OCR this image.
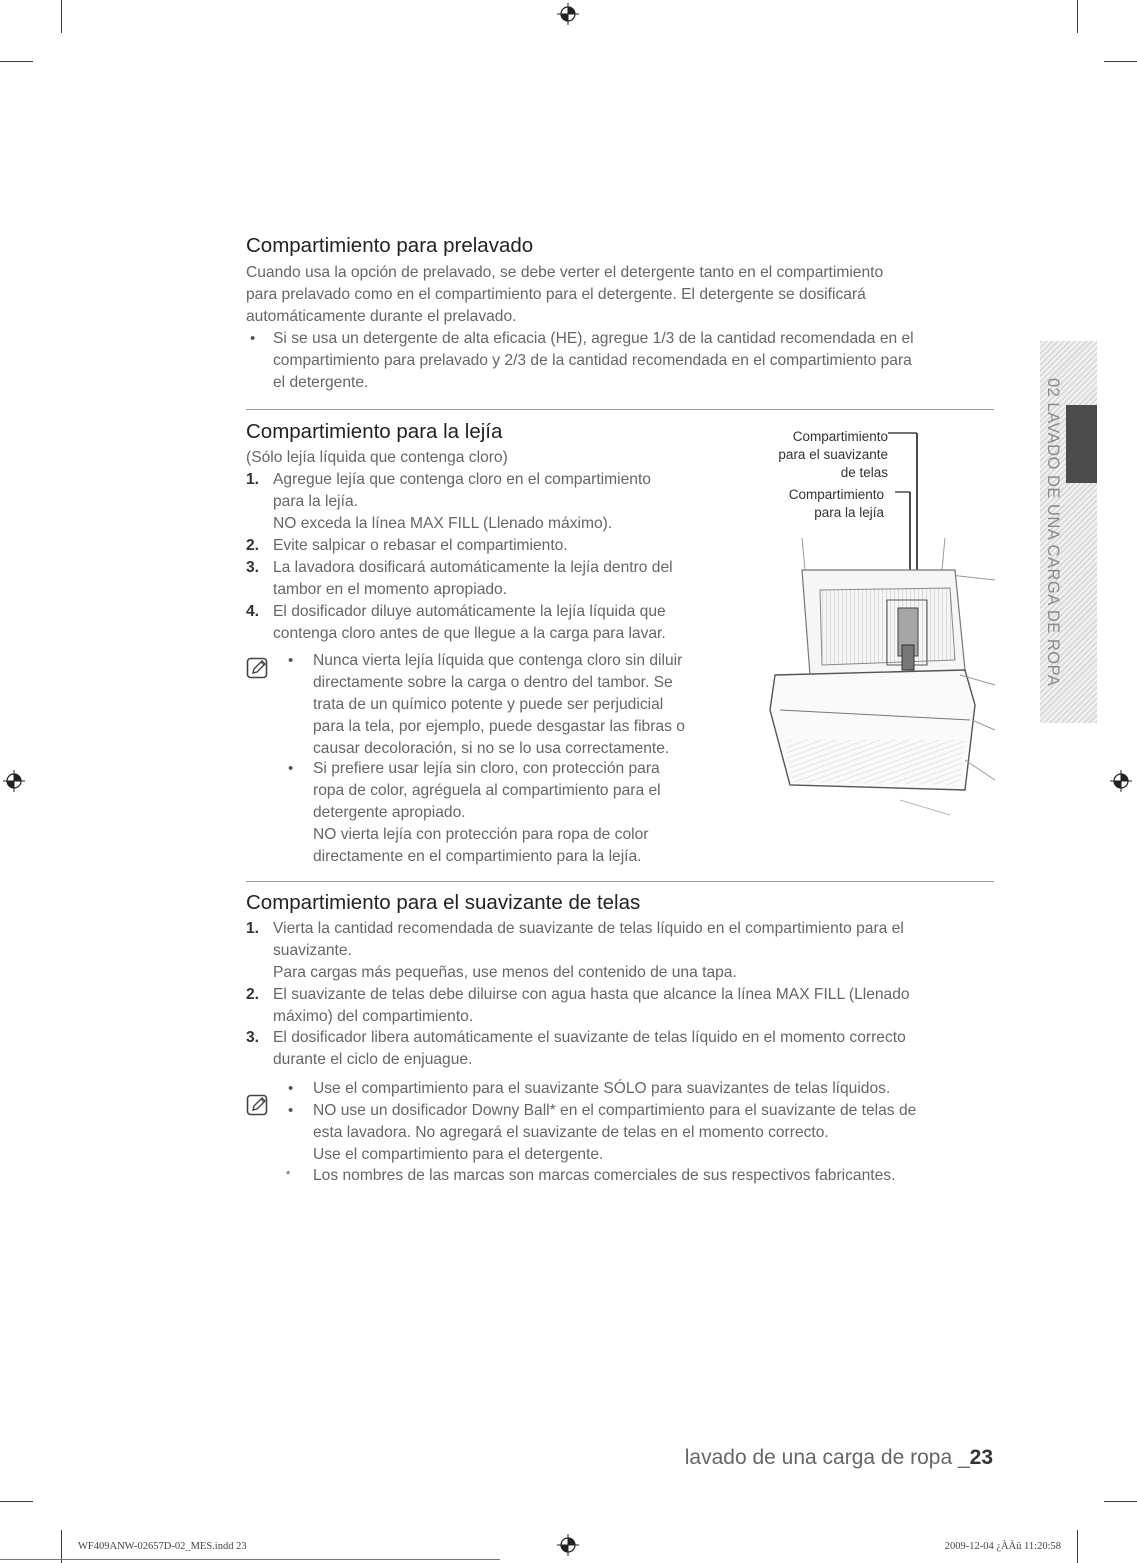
Compartimiento para prelavado
Cuando usa la opción de prelavado, se debe verter el detergente tanto en el compartimiento
para prelavado como en el compartimiento para el detergente. El detergente se dosificará
automáticamente durante el prelavado.
• Si se usa un detergente de alta eficacia (HE), agregue 1/3 de la cantidad recomendada en el
compartimiento para prelavado y 2/3 de la cantidad recomendada en el compartimiento para
el detergente.
Compartimiento para la lejía
(Sólo lejía líquida que contenga cloro)
1. Agregue lejía que contenga cloro en el compartimiento
para la lejía.
NO exceda la línea MAX FILL (Llenado máximo).
2. Evite salpicar o rebasar el compartimiento.
3. La lavadora dosificará automáticamente la lejía dentro del
tambor en el momento apropiado.
4. El dosificador diluye automáticamente la lejía líquida que
contenga cloro antes de que llegue a la carga para lavar.
• Nunca vierta lejía líquida que contenga cloro sin diluir
directamente sobre la carga o dentro del tambor. Se
trata de un químico potente y puede ser perjudicial
para la tela, por ejemplo, puede desgastar las fibras o
causar decoloración, si no se lo usa correctamente.
• Si prefiere usar lejía sin cloro, con protección para
ropa de color, agréguela al compartimiento para el
detergente apropiado.
NO vierta lejía con protección para ropa de color
directamente en el compartimiento para la lejía.
Compartimiento
para el suavizante
de telas
Compartimiento
para la lejía
Compartimiento para el suavizante de telas
1. Vierta la cantidad recomendada de suavizante de telas líquido en el compartimiento para el
suavizante.
Para cargas más pequeñas, use menos del contenido de una tapa.
2. El suavizante de telas debe diluirse con agua hasta que alcance la línea MAX FILL (Llenado
máximo) del compartimiento.
3. El dosificador libera automáticamente el suavizante de telas líquido en el momento correcto
durante el ciclo de enjuague.
• Use el compartimiento para el suavizante SÓLO para suavizantes de telas líquidos.
• NO use un dosificador Downy Ball* en el compartimiento para el suavizante de telas de
esta lavadora. No agregará el suavizante de telas en el momento correcto.
Use el compartimiento para el detergente.
* Los nombres de las marcas son marcas comerciales de sus respectivos fabricantes.
02 LAVADO DE UNA CARGA DE ROPA
lavado de una carga de ropa _23
WF409ANW-02657D-02_MES.indd 23	2009-12-04 ¿ÀÀü 11:20:58
